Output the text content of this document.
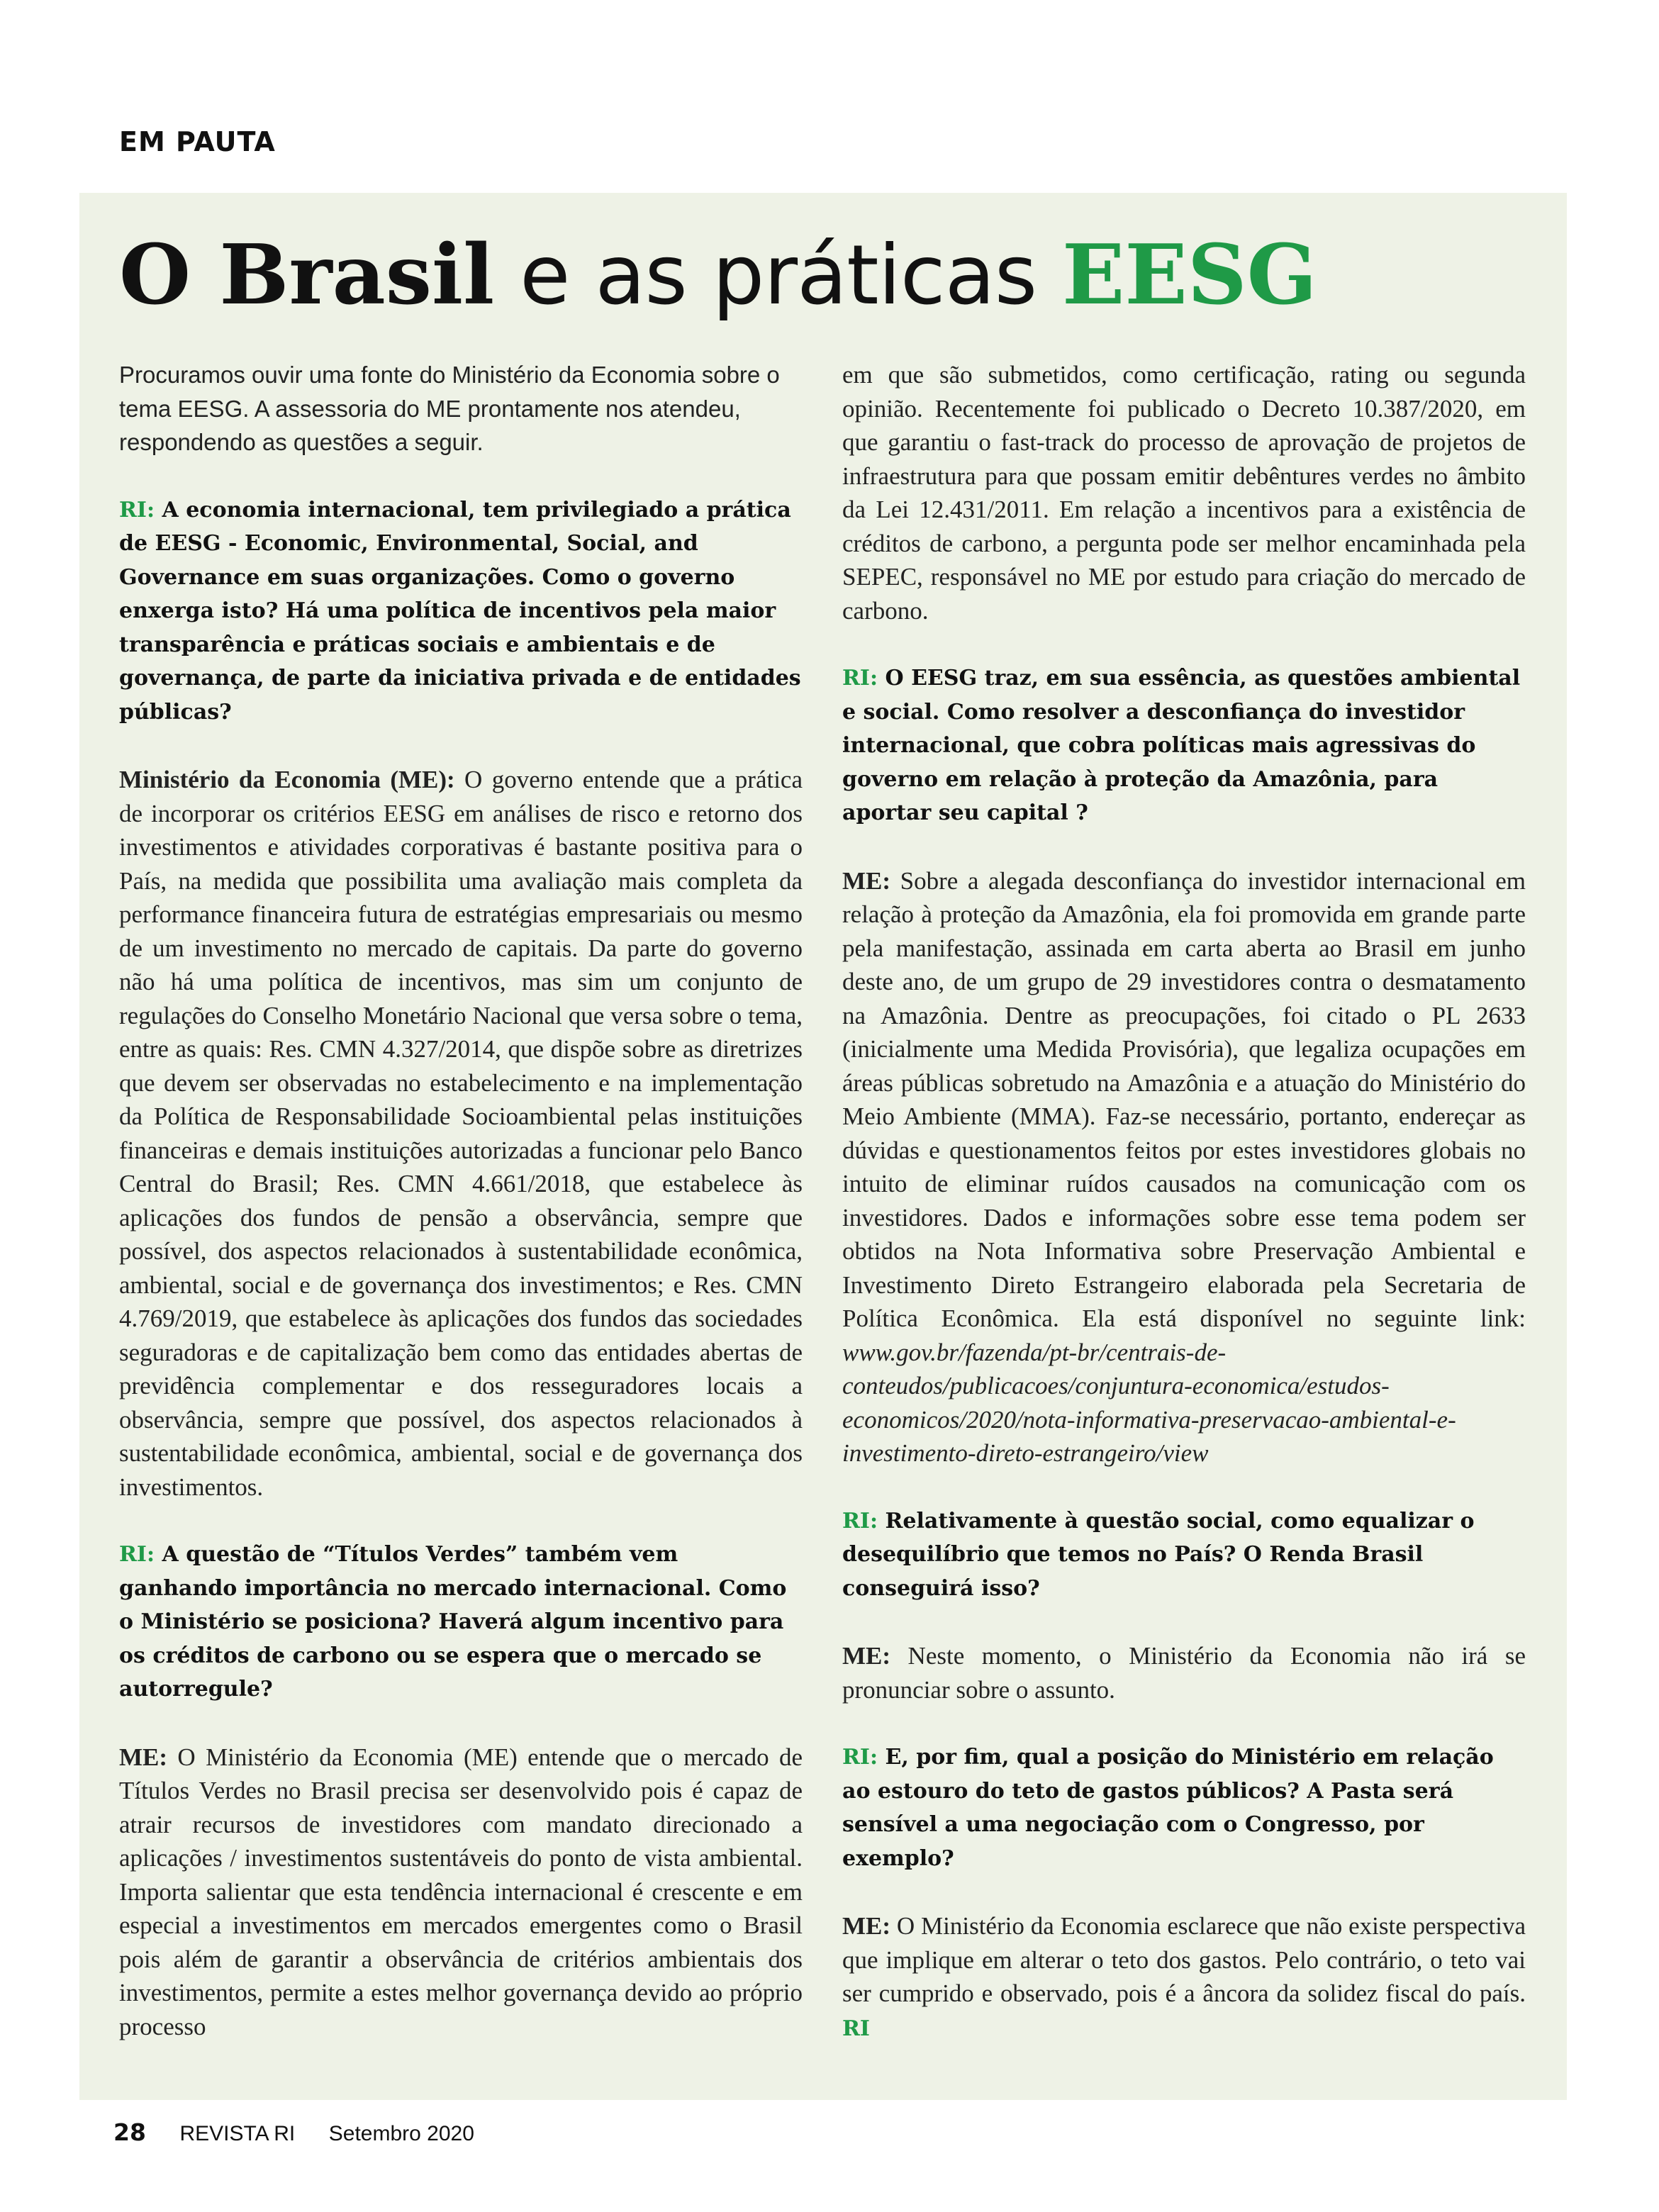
EM PAUTA
O Brasil e as práticas EESG

Procuramos ouvir uma fonte do Ministério da Economia sobre o tema EESG. A assessoria do ME prontamente nos atendeu, respondendo as questões a seguir.

RI: A economia internacional, tem privilegiado a prática de EESG - Economic, Environmental, Social, and Governance em suas organizações. Como o governo enxerga isto? Há uma política de incentivos pela maior transparência e práticas sociais e ambientais e de governança, de parte da iniciativa privada e de entidades públicas?

Ministério da Economia (ME): O governo entende que a prática de incorporar os critérios EESG em análises de risco e retorno dos investimentos e atividades corporativas é bastante positiva para o País, na medida que possibilita uma avaliação mais completa da performance financeira futura de estratégias empresariais ou mesmo de um investimento no mercado de capitais. Da parte do governo não há uma política de incentivos, mas sim um conjunto de regulações do Conselho Monetário Nacional que versa sobre o tema, entre as quais: Res. CMN 4.327/2014, que dispõe sobre as diretrizes que devem ser observadas no estabelecimento e na implementação da Política de Responsabilidade Socioambiental pelas instituições financeiras e demais instituições autorizadas a funcionar pelo Banco Central do Brasil; Res. CMN 4.661/2018, que estabelece às aplicações dos fundos de pensão a observância, sempre que possível, dos aspectos relacionados à sustentabilidade econômica, ambiental, social e de governança dos investimentos; e Res. CMN 4.769/2019, que estabelece às aplicações dos fundos das sociedades seguradoras e de capitalização bem como das entidades abertas de previdência complementar e dos resseguradores locais a observância, sempre que possível, dos aspectos relacionados à sustentabilidade econômica, ambiental, social e de governança dos investimentos.

RI: A questão de “Títulos Verdes” também vem ganhando importância no mercado internacional. Como o Ministério se posiciona? Haverá algum incentivo para os créditos de carbono ou se espera que o mercado se autorregule?

ME: O Ministério da Economia (ME) entende que o mercado de Títulos Verdes no Brasil precisa ser desenvolvido pois é capaz de atrair recursos de investidores com mandato direcionado a aplicações / investimentos sustentáveis do ponto de vista ambiental. Importa salientar que esta tendência internacional é crescente e em especial a investimentos em mercados emergentes como o Brasil pois além de garantir a observância de critérios ambientais dos investimentos, permite a estes melhor governança devido ao próprio processo

em que são submetidos, como certificação, rating ou segunda opinião. Recentemente foi publicado o Decreto 10.387/2020, em que garantiu o fast-track do processo de aprovação de projetos de infraestrutura para que possam emitir debêntures verdes no âmbito da Lei 12.431/2011. Em relação a incentivos para a existência de créditos de carbono, a pergunta pode ser melhor encaminhada pela SEPEC, responsável no ME por estudo para criação do mercado de carbono.

RI: O EESG traz, em sua essência, as questões ambiental e social. Como resolver a desconfiança do investidor internacional, que cobra políticas mais agressivas do governo em relação à proteção da Amazônia, para aportar seu capital ?

ME: Sobre a alegada desconfiança do investidor internacional em relação à proteção da Amazônia, ela foi promovida em grande parte pela manifestação, assinada em carta aberta ao Brasil em junho deste ano, de um grupo de 29 investidores contra o desmatamento na Amazônia. Dentre as preocupações, foi citado o PL 2633 (inicialmente uma Medida Provisória), que legaliza ocupações em áreas públicas sobretudo na Amazônia e a atuação do Ministério do Meio Ambiente (MMA). Faz-se necessário, portanto, endereçar as dúvidas e questionamentos feitos por estes investidores globais no intuito de eliminar ruídos causados na comunicação com os investidores. Dados e informações sobre esse tema podem ser obtidos na Nota Informativa sobre Preservação Ambiental e Investimento Direto Estrangeiro elaborada pela Secretaria de Política Econômica. Ela está disponível no seguinte link: www.gov.br/fazenda/pt-br/centrais-de-conteudos/publicacoes/conjuntura-economica/estudos-economicos/2020/nota-informativa-preservacao-ambiental-e-investimento-direto-estrangeiro/view

RI: Relativamente à questão social, como equalizar o desequilíbrio que temos no País? O Renda Brasil conseguirá isso?

ME: Neste momento, o Ministério da Economia não irá se pronunciar sobre o assunto.

RI: E, por fim, qual a posição do Ministério em relação ao estouro do teto de gastos públicos? A Pasta será sensível a uma negociação com o Congresso, por exemplo?

ME: O Ministério da Economia esclarece que não existe perspectiva que implique em alterar o teto dos gastos. Pelo contrário, o teto vai ser cumprido e observado, pois é a âncora da solidez fiscal do país. RI

28 REVISTA RI Setembro 2020
